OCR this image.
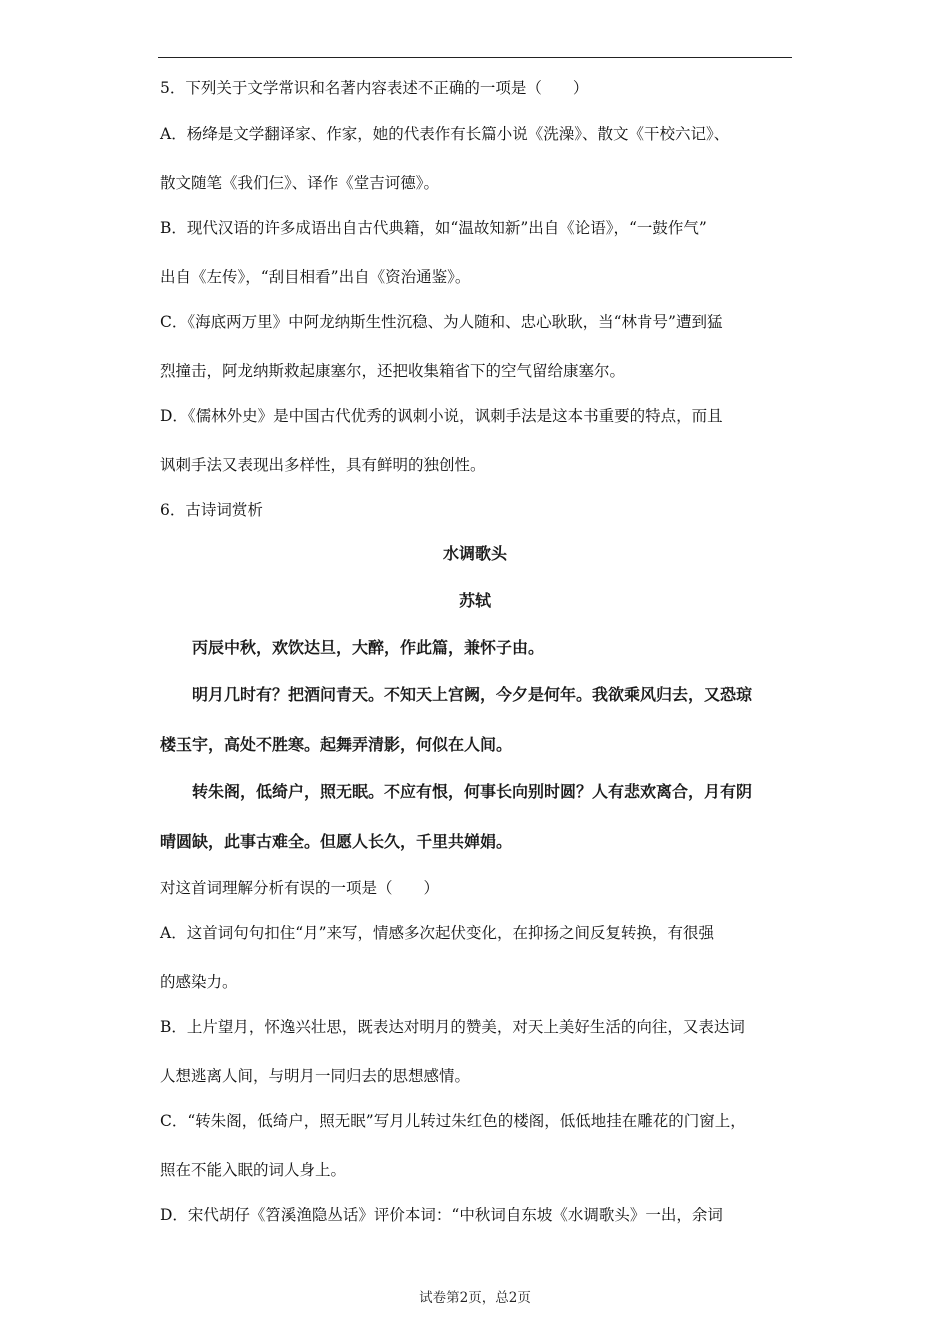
5．下列关于文学常识和名著内容表述不正确的一项是（　　）
A．杨绛是文学翻译家、作家，她的代表作有长篇小说《洗澡》、散文《干校六记》、
散文随笔《我们仨》、译作《堂吉诃德》。
B．现代汉语的许多成语出自古代典籍，如“温故知新”出自《论语》，“一鼓作气”
出自《左传》，“刮目相看”出自《资治通鉴》。
C．《海底两万里》中阿龙纳斯生性沉稳、为人随和、忠心耿耿，当“林肯号”遭到猛
烈撞击，阿龙纳斯救起康塞尔，还把收集箱省下的空气留给康塞尔。
D．《儒林外史》是中国古代优秀的讽刺小说，讽刺手法是这本书重要的特点，而且
讽刺手法又表现出多样性，具有鲜明的独创性。
6．古诗词赏析
水调歌头
苏轼
丙辰中秋，欢饮达旦，大醉，作此篇，兼怀子由。
明月几时有？把酒问青天。不知天上宫阙，今夕是何年。我欲乘风归去，又恐琼
楼玉宇，高处不胜寒。起舞弄清影，何似在人间。
转朱阁，低绮户，照无眠。不应有恨，何事长向别时圆？人有悲欢离合，月有阴
晴圆缺，此事古难全。但愿人长久，千里共婵娟。
对这首词理解分析有误的一项是（　　）
A．这首词句句扣住“月”来写，情感多次起伏变化，在抑扬之间反复转换，有很强
的感染力。
B．上片望月，怀逸兴壮思，既表达对明月的赞美，对天上美好生活的向往，又表达词
人想逃离人间，与明月一同归去的思想感情。
C．“转朱阁，低绮户，照无眠”写月儿转过朱红色的楼阁，低低地挂在雕花的门窗上，
照在不能入眠的词人身上。
D．宋代胡仔《笤溪渔隐丛话》评价本词：“中秋词自东坡《水调歌头》一出，余词
试卷第2页，总2页
